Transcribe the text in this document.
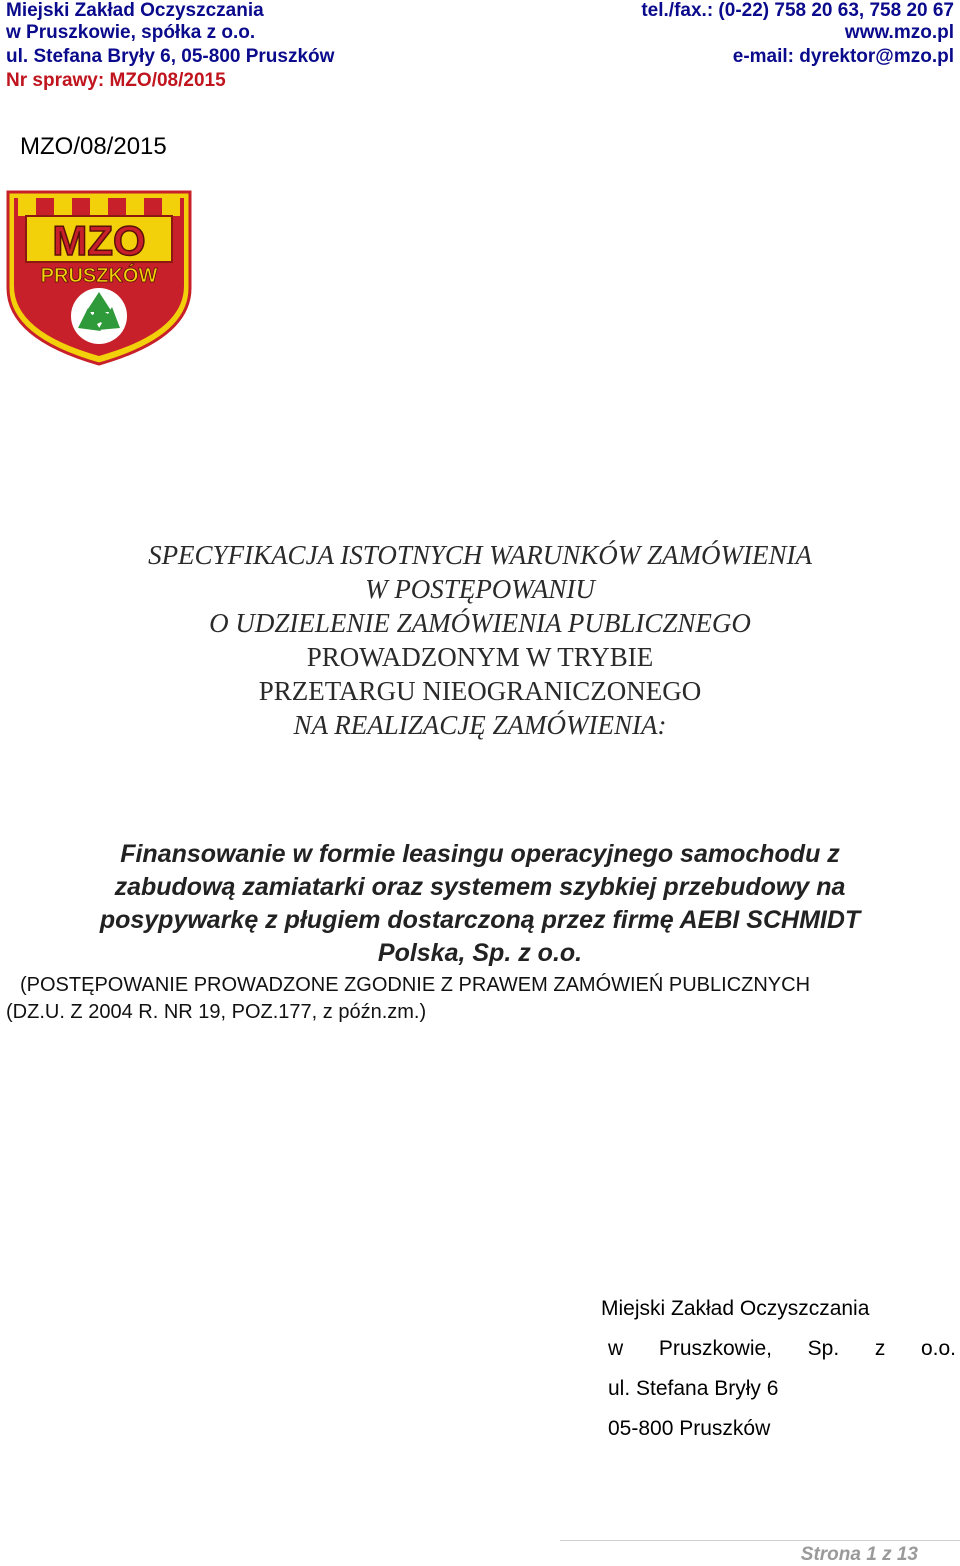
Miejski Zakład Oczyszczania
w Pruszkowie, spółka z o.o.
ul. Stefana Bryły 6, 05-800 Pruszków
Nr sprawy: MZO/08/2015
tel./fax.: (0-22) 758 20 63, 758 20 67
www.mzo.pl
e-mail: dyrektor@mzo.pl
MZO/08/2015
MZO
PRUSZKÓW
SPECYFIKACJA ISTOTNYCH WARUNKÓW ZAMÓWIENIA
W POSTĘPOWANIU
O UDZIELENIE ZAMÓWIENIA PUBLICZNEGO
PROWADZONYM W TRYBIE
PRZETARGU NIEOGRANICZONEGO
NA REALIZACJĘ ZAMÓWIENIA:
Finansowanie w formie leasingu operacyjnego samochodu z
zabudową zamiatarki oraz systemem szybkiej przebudowy na
posypywarkę z pługiem dostarczoną przez firmę AEBI SCHMIDT
Polska, Sp. z o.o.
(POSTĘPOWANIE PROWADZONE ZGODNIE Z PRAWEM ZAMÓWIEŃ PUBLICZNYCH
(DZ.U. Z 2004 R. NR 19, POZ.177, z późn.zm.)
Miejski Zakład Oczyszczania
w Pruszkowie, Sp. z o.o.
ul. Stefana Bryły 6
05-800 Pruszków
Strona 1 z 13
